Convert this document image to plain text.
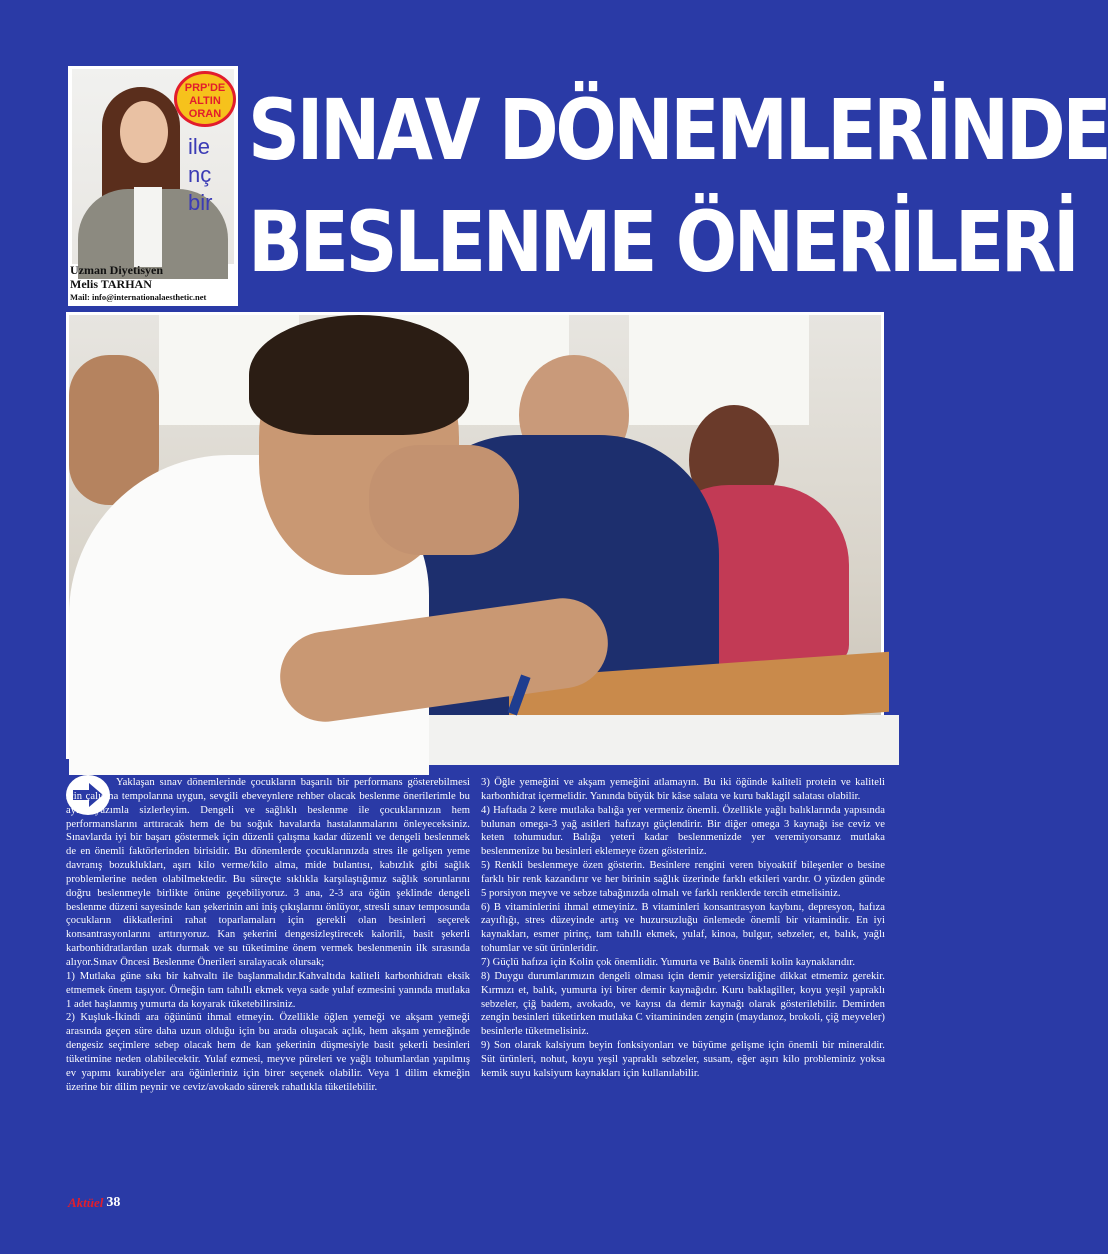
PRP'DE ALTIN ORAN
ile
nç bir
Uzman Diyetisyen
Melis TARHAN
Mail: info@internationalaesthetic.net
SINAV DÖNEMLERİNDE
BESLENME ÖNERİLERİ
Yaklaşan sınav dönemlerinde çocukların başarılı bir performans gösterebilmesi için çalışma tempolarına uygun, sevgili ebeveynlere rehber olacak beslenme önerilerimle bu ayki yazımla sizlerleyim. Dengeli ve sağlıklı beslenme ile çocuklarınızın hem performanslarını arttıracak hem de bu soğuk havalarda hastalanmalarını önleyeceksiniz. Sınavlarda iyi bir başarı göstermek için düzenli çalışma kadar düzenli ve dengeli beslenmek de en önemli faktörlerinden birisidir. Bu dönemlerde çocuklarınızda stres ile gelişen yeme davranış bozuklukları, aşırı kilo verme/kilo alma, mide bulantısı, kabızlık gibi sağlık problemlerine neden olabilmektedir. Bu süreçte sıklıkla karşılaştığımız sağlık sorunlarını doğru beslenmeyle birlikte önüne geçebiliyoruz. 3 ana, 2-3 ara öğün şeklinde dengeli beslenme düzeni sayesinde kan şekerinin ani iniş çıkışlarını önlüyor, stresli sınav temposunda çocukların dikkatlerini rahat toparlamaları için gerekli olan besinleri seçerek konsantrasyonlarını arttırıyoruz. Kan şekerini dengesizleştirecek kalorili, basit şekerli karbonhidratlardan uzak durmak ve su tüketimine önem vermek beslenmenin ilk sırasında alıyor.Sınav Öncesi Beslenme Önerileri sıralayacak olursak;
1) Mutlaka güne sıkı bir kahvaltı ile başlanmalıdır.Kahvaltıda kaliteli karbonhidratı eksik etmemek önem taşıyor. Örneğin tam tahıllı ekmek veya sade yulaf ezmesini yanında mutlaka 1 adet haşlanmış yumurta da koyarak tüketebilirsiniz.
2) Kuşluk-İkindi ara öğününü ihmal etmeyin. Özellikle öğlen yemeği ve akşam yemeği arasında geçen süre daha uzun olduğu için bu arada oluşacak açlık, hem akşam yemeğinde dengesiz seçimlere sebep olacak hem de kan şekerinin düşmesiyle basit şekerli besinleri tüketimine neden olabilecektir. Yulaf ezmesi, meyve püreleri ve yağlı tohumlardan yapılmış ev yapımı kurabiyeler ara öğünleriniz için birer seçenek olabilir. Veya 1 dilim ekmeğin üzerine bir dilim peynir ve ceviz/avokado sürerek rahatlıkla tüketilebilir.
3) Öğle yemeğini ve akşam yemeğini atlamayın. Bu iki öğünde kaliteli protein ve kaliteli karbonhidrat içermelidir. Yanında büyük bir kâse salata ve kuru baklagil salatası olabilir.
4) Haftada 2 kere mutlaka balığa yer vermeniz önemli. Özellikle yağlı balıklarında yapısında bulunan omega-3 yağ asitleri hafızayı güçlendirir. Bir diğer omega 3 kaynağı ise ceviz ve keten tohumudur. Balığa yeteri kadar beslenmenizde yer veremiyorsanız mutlaka beslenmenize bu besinleri eklemeye özen gösteriniz.
5) Renkli beslenmeye özen gösterin. Besinlere rengini veren biyoaktif bileşenler o besine farklı bir renk kazandırır ve her birinin sağlık üzerinde farklı etkileri vardır. O yüzden günde 5 porsiyon meyve ve sebze tabağınızda olmalı ve farklı renklerde tercih etmelisiniz.
6) B vitaminlerini ihmal etmeyiniz. B vitaminleri konsantrasyon kaybını, depresyon, hafıza zayıflığı, stres düzeyinde artış ve huzursuzluğu önlemede önemli bir vitamindir. En iyi kaynakları, esmer pirinç, tam tahıllı ekmek, yulaf, kinoa, bulgur, sebzeler, et, balık, yağlı tohumlar ve süt ürünleridir.
7) Güçlü hafıza için Kolin çok önemlidir. Yumurta ve Balık önemli kolin kaynaklarıdır.
8) Duygu durumlarımızın dengeli olması için demir yetersizliğine dikkat etmemiz gerekir. Kırmızı et, balık, yumurta iyi birer demir kaynağıdır. Kuru baklagiller, koyu yeşil yapraklı sebzeler, çiğ badem, avokado, ve kayısı da demir kaynağı olarak gösterilebilir. Demirden zengin besinleri tüketirken mutlaka C vitamininden zengin (maydanoz, brokoli, çiğ meyveler) besinlerle tüketmelisiniz.
9) Son olarak kalsiyum beyin fonksiyonları ve büyüme gelişme için önemli bir mineraldir. Süt ürünleri, nohut, koyu yeşil yapraklı sebzeler, susam, eğer aşırı kilo probleminiz yoksa kemik suyu kalsiyum kaynakları için kullanılabilir.
Aktüel 38
